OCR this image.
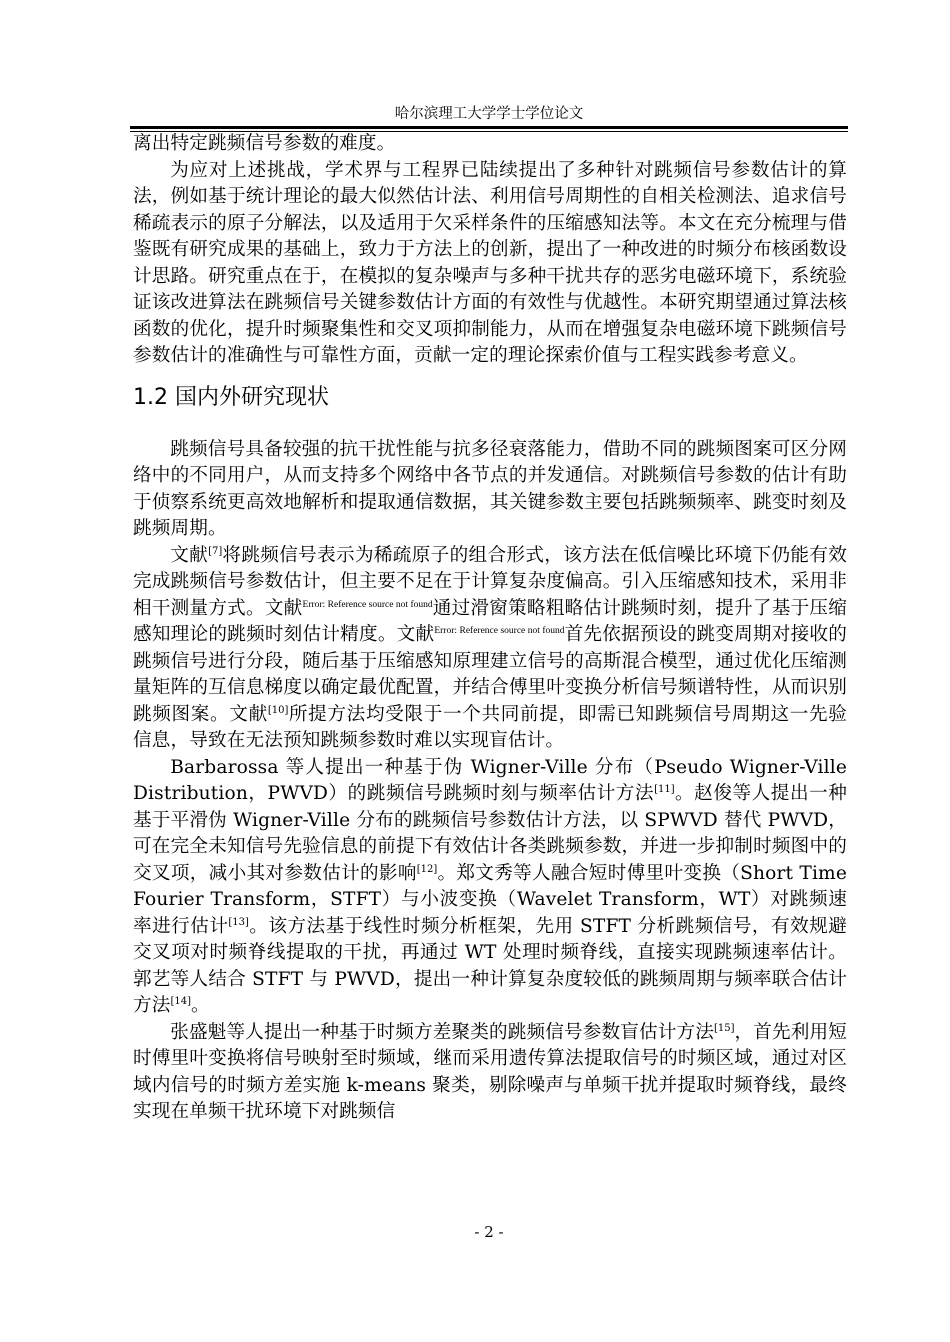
哈尔滨理工大学学士学位论文

离出特定跳频信号参数的难度。

为应对上述挑战，学术界与工程界已陆续提出了多种针对跳频信号参数估计的算法，例如基于统计理论的最大似然估计法、利用信号周期性的自相关检测法、追求信号稀疏表示的原子分解法，以及适用于欠采样条件的压缩感知法等。本文在充分梳理与借鉴既有研究成果的基础上，致力于方法上的创新，提出了一种改进的时频分布核函数设计思路。研究重点在于，在模拟的复杂噪声与多种干扰共存的恶劣电磁环境下，系统验证该改进算法在跳频信号关键参数估计方面的有效性与优越性。本研究期望通过算法核函数的优化，提升时频聚集性和交叉项抑制能力，从而在增强复杂电磁环境下跳频信号参数估计的准确性与可靠性方面，贡献一定的理论探索价值与工程实践参考意义。

1.2 国内外研究现状

跳频信号具备较强的抗干扰性能与抗多径衰落能力，借助不同的跳频图案可区分网络中的不同用户，从而支持多个网络中各节点的并发通信。对跳频信号参数的估计有助于侦察系统更高效地解析和提取通信数据，其关键参数主要包括跳频频率、跳变时刻及跳频周期。

文献[7]将跳频信号表示为稀疏原子的组合形式，该方法在低信噪比环境下仍能有效完成跳频信号参数估计，但主要不足在于计算复杂度偏高。引入压缩感知技术，采用非相干测量方式。文献$^{Error: Reference source not found}$通过滑窗策略粗略估计跳频时刻，提升了基于压缩感知理论的跳频时刻估计精度。文献$^{Error: Reference source not found}$首先依据预设的跳变周期对接收的跳频信号进行分段，随后基于压缩感知原理建立信号的高斯混合模型，通过优化压缩测量矩阵的互信息梯度以确定最优配置，并结合傅里叶变换分析信号频谱特性，从而识别跳频图案。文献[10]所提方法均受限于一个共同前提，即需已知跳频信号周期这一先验信息，导致在无法预知跳频参数时难以实现盲估计。

Barbarossa 等人提出一种基于伪 Wigner-Ville 分布（Pseudo Wigner-Ville Distribution，PWVD）的跳频信号跳频时刻与频率估计方法[11]。赵俊等人提出一种基于平滑伪 Wigner-Ville 分布的跳频信号参数估计方法，以 SPWVD 替代 PWVD，可在完全未知信号先验信息的前提下有效估计各类跳频参数，并进一步抑制时频图中的交叉项，减小其对参数估计的影响[12]。郑文秀等人融合短时傅里叶变换（Short Time Fourier Transform，STFT）与小波变换（Wavelet Transform，WT）对跳频速率进行估计[13]。该方法基于线性时频分析框架，先用 STFT 分析跳频信号，有效规避交叉项对时频脊线提取的干扰，再通过 WT 处理时频脊线，直接实现跳频速率估计。郭艺等人结合 STFT 与 PWVD，提出一种计算复杂度较低的跳频周期与频率联合估计方法[14]。

张盛魁等人提出一种基于时频方差聚类的跳频信号参数盲估计方法[15]，首先利用短时傅里叶变换将信号映射至时频域，继而采用遗传算法提取信号的时频区域，通过对区域内信号的时频方差实施 k-means 聚类，剔除噪声与单频干扰并提取时频脊线，最终实现在单频干扰环境下对跳频信

- 2 -
